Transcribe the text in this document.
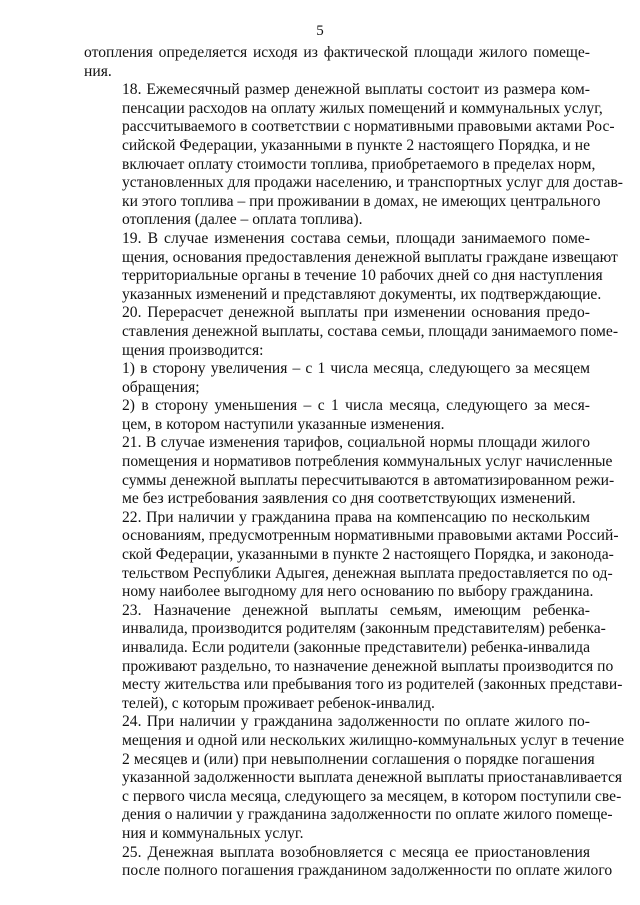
5

отопления определяется исходя из фактической площади жилого помеще-
ния.

18. Ежемесячный размер денежной выплаты состоит из размера ком-
пенсации расходов на оплату жилых помещений и коммунальных услуг,
рассчитываемого в соответствии с нормативными правовыми актами Рос-
сийской Федерации, указанными в пункте 2 настоящего Порядка, и не
включает оплату стоимости топлива, приобретаемого в пределах норм,
установленных для продажи населению, и транспортных услуг для достав-
ки этого топлива – при проживании в домах, не имеющих центрального
отопления (далее – оплата топлива).

19. В случае изменения состава семьи, площади занимаемого поме-
щения, основания предоставления денежной выплаты граждане извещают
территориальные органы в течение 10 рабочих дней со дня наступления
указанных изменений и представляют документы, их подтверждающие.

20. Перерасчет денежной выплаты при изменении основания предо-
ставления денежной выплаты, состава семьи, площади занимаемого поме-
щения производится:

1) в сторону увеличения – с 1 числа месяца, следующего за месяцем
обращения;

2) в сторону уменьшения – с 1 числа месяца, следующего за меся-
цем, в котором наступили указанные изменения.

21. В случае изменения тарифов, социальной нормы площади жилого
помещения и нормативов потребления коммунальных услуг начисленные
суммы денежной выплаты пересчитываются в автоматизированном режи-
ме без истребования заявления со дня соответствующих изменений.

22. При наличии у гражданина права на компенсацию по нескольким
основаниям, предусмотренным нормативными правовыми актами Россий-
ской Федерации, указанными в пункте 2 настоящего Порядка, и законода-
тельством Республики Адыгея, денежная выплата предоставляется по од-
ному наиболее выгодному для него основанию по выбору гражданина.

23. Назначение денежной выплаты семьям, имеющим ребенка-
инвалида, производится родителям (законным представителям) ребенка-
инвалида. Если родители (законные представители) ребенка-инвалида
проживают раздельно, то назначение денежной выплаты производится по
месту жительства или пребывания того из родителей (законных представи-
телей), с которым проживает ребенок-инвалид.

24. При наличии у гражданина задолженности по оплате жилого по-
мещения и одной или нескольких жилищно-коммунальных услуг в течение
2 месяцев и (или) при невыполнении соглашения о порядке погашения
указанной задолженности выплата денежной выплаты приостанавливается
с первого числа месяца, следующего за месяцем, в котором поступили све-
дения о наличии у гражданина задолженности по оплате жилого помеще-
ния и коммунальных услуг.

25. Денежная выплата возобновляется с месяца ее приостановления
после полного погашения гражданином задолженности по оплате жилого
